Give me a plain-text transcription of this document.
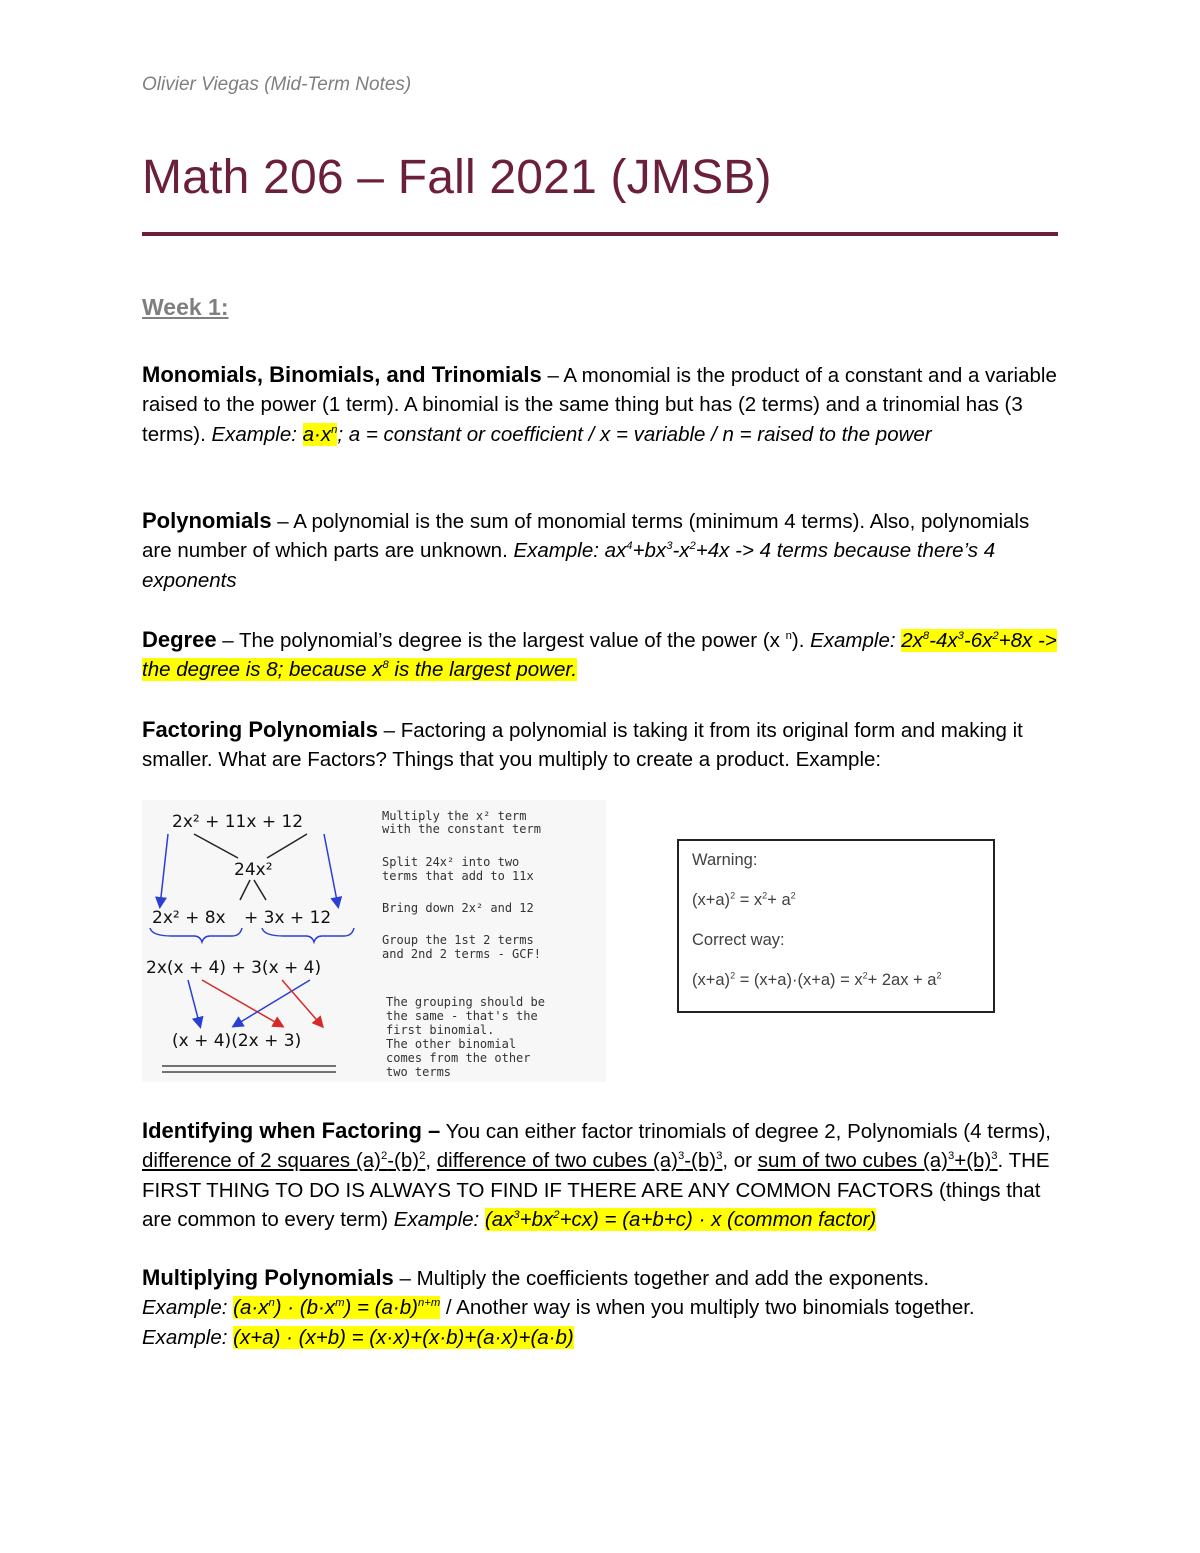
Olivier Viegas (Mid-Term Notes)
Math 206 – Fall 2021 (JMSB)
Week 1:

Monomials, Binomials, and Trinomials – A monomial is the product of a constant and a variable raised to the power (1 term). A binomial is the same thing but has (2 terms) and a trinomial has (3 terms). Example: $a\cdot x^n$; a = constant or coefficient / x = variable / n = raised to the power

Polynomials – A polynomial is the sum of monomial terms (minimum 4 terms). Also, polynomials are number of which parts are unknown. Example: $ax^4+bx^3-x^2+4x -> 4$ terms because there’s 4 exponents

Degree – The polynomial’s degree is the largest value of the power (x $^n$). Example: $2x^8-4x^3-6x^2+8x$ -> the degree is 8; because $x^8$ is the largest power.

Factoring Polynomials – Factoring a polynomial is taking it from its original form and making it smaller. What are Factors? Things that you multiply to create a product. Example:

2x² + 11x + 12
24x²
2x² + 8x + 3x + 12
2x(x + 4) + 3(x + 4)
(x + 4)(2x + 3)
Multiply the x² term with the constant term
Split 24x² into two terms that add to 11x
Bring down 2x² and 12
Group the 1st 2 terms and 2nd 2 terms - GCF!
The grouping should be the same - that's the first binomial. The other binomial comes from the other two terms
Warning:
$(x+a)^2 = x^2+ a^2$
Correct way:
$(x+a)^2 = (x+a)\cdot(x+a) = x^2+ 2ax + a^2$

Identifying when Factoring – You can either factor trinomials of degree 2, Polynomials (4 terms), difference of 2 squares $(a)^2-(b)^2$, difference of two cubes $(a)^3-(b)^3$, or sum of two cubes $(a)^3+(b)^3$. THE FIRST THING TO DO IS ALWAYS TO FIND IF THERE ARE ANY COMMON FACTORS (things that are common to every term) Example: $(ax^3+bx^2+cx) = (a+b+c) \cdot x$ (common factor)

Multiplying Polynomials – Multiply the coefficients together and add the exponents.
Example: $(a\cdot x^n) \cdot (b\cdot x^m) = (a\cdot b)^{n+m}$ / Another way is when you multiply two binomials together.
Example: (x+a) · (x+b) = (x·x)+(x·b)+(a·x)+(a·b)
